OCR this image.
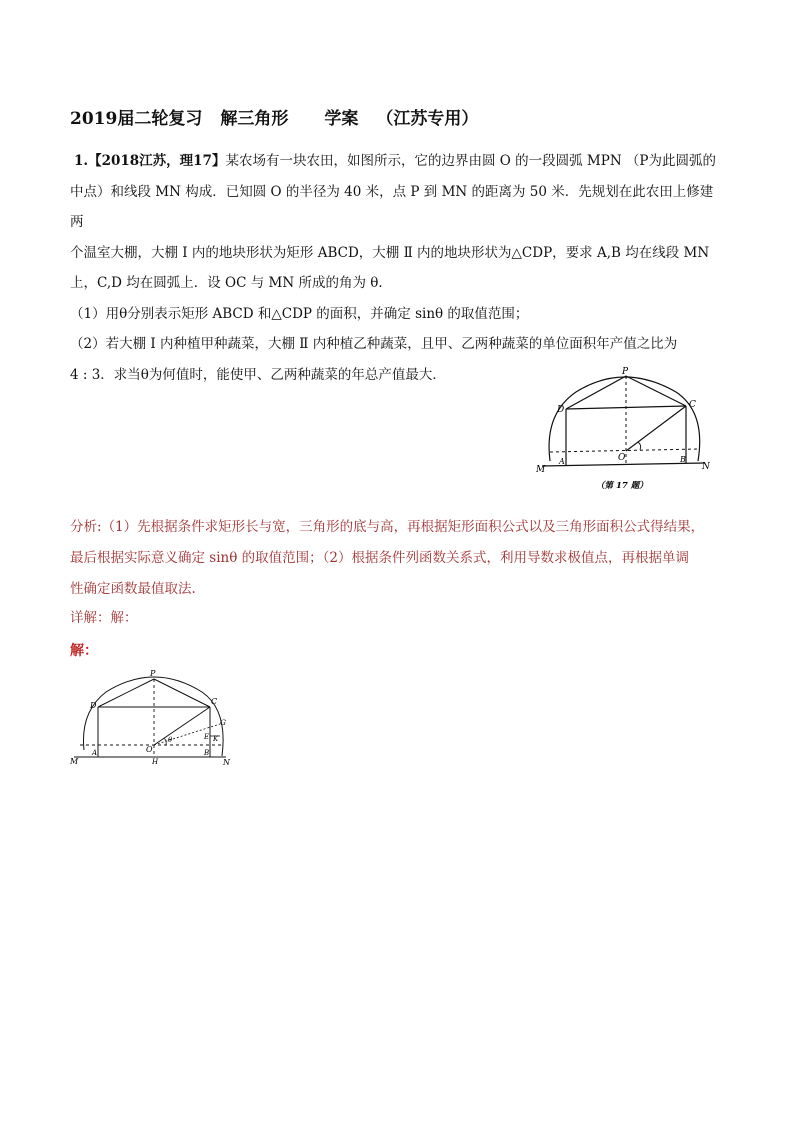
2019届二轮复习 解三角形 学案 （江苏专用）

1.【2018江苏，理17】某农场有一块农田，如图所示，它的边界由圆 O 的一段圆弧 MPN （P为此圆弧的

中点）和线段 MN 构成．已知圆 O 的半径为 40 米，点 P 到 MN 的距离为 50 米．先规划在此农田上修建两

个温室大棚，大棚 Ⅰ 内的地块形状为矩形 ABCD，大棚 Ⅱ 内的地块形状为△CDP，要求 A,B 均在线段 MN

上，C,D 均在圆弧上．设 OC 与 MN 所成的角为 θ．

（1）用θ分别表示矩形 ABCD 和△CDP 的面积，并确定 sinθ 的取值范围；

（2）若大棚 Ⅰ 内种植甲种蔬菜，大棚 Ⅱ 内种植乙种蔬菜，且甲、乙两种蔬菜的单位面积年产值之比为

4 : 3．求当θ为何值时，能使甲、乙两种蔬菜的年总产值最大．	P
D	C
O
M
A	B
N
（第 17 题）
分析:（1）先根据条件求矩形长与宽，三角形的底与高，再根据矩形面积公式以及三角形面积公式得结果，
最后根据实际意义确定 sinθ 的取值范围；（2）根据条件列函数关系式，利用导数求极值点，再根据单调
性确定函数最值取法.
详解：解：
解：
P
D	C
G
E K
θ
O
H
M
A	B
N
